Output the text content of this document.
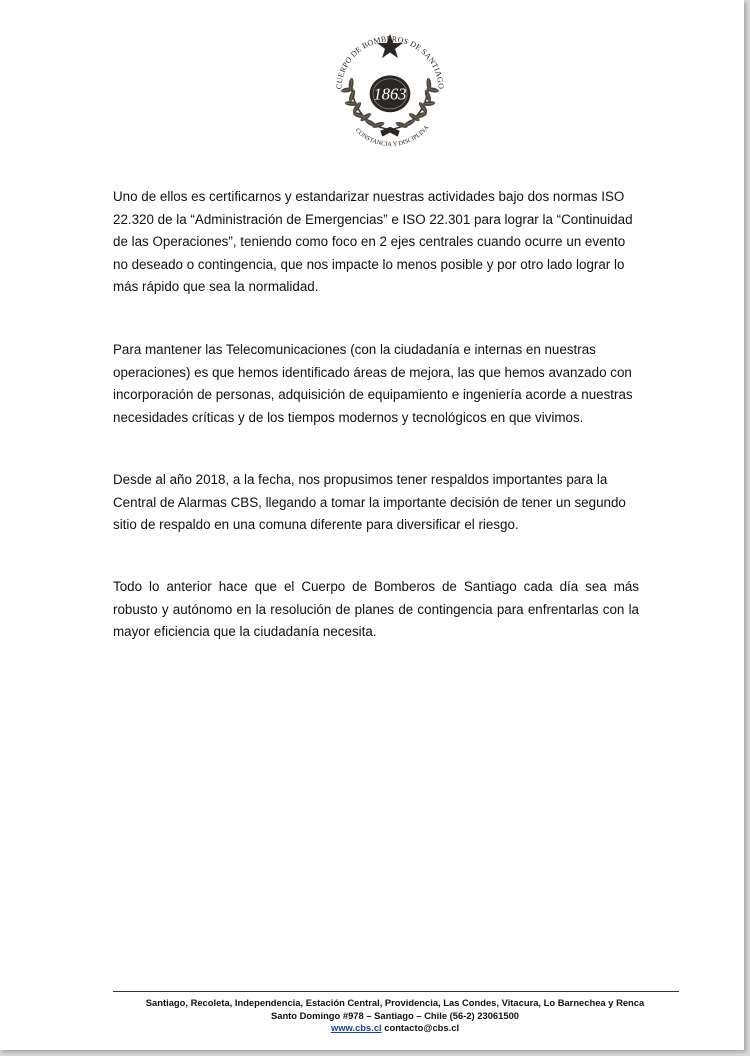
1863
CUERPO DE BOMBEROS DE SANTIAGO
CONSTANCIA Y DISCIPLINA

Uno de ellos es certificarnos y estandarizar nuestras actividades bajo dos normas ISO 22.320 de la “Administración de Emergencias” e ISO 22.301 para lograr la “Continuidad de las Operaciones”, teniendo como foco en 2 ejes centrales cuando ocurre un evento no deseado o contingencia, que nos impacte lo menos posible y por otro lado lograr lo más rápido que sea la normalidad.

Para mantener las Telecomunicaciones (con la ciudadanía e internas en nuestras operaciones) es que hemos identificado áreas de mejora, las que hemos avanzado con incorporación de personas, adquisición de equipamiento e ingeniería acorde a nuestras necesidades críticas y de los tiempos modernos y tecnológicos en que vivimos.

Desde al año 2018, a la fecha, nos propusimos tener respaldos importantes para la Central de Alarmas CBS, llegando a tomar la importante decisión de tener un segundo sitio de respaldo en una comuna diferente para diversificar el riesgo.

Todo lo anterior hace que el Cuerpo de Bomberos de Santiago cada día sea más robusto y autónomo en la resolución de planes de contingencia para enfrentarlas con la mayor eficiencia que la ciudadanía necesita.

Santiago, Recoleta, Independencia, Estación Central, Providencia, Las Condes, Vitacura, Lo Barnechea y Renca
Santo Domingo #978 – Santiago – Chile (56-2) 23061500
www.cbs.cl contacto@cbs.cl
